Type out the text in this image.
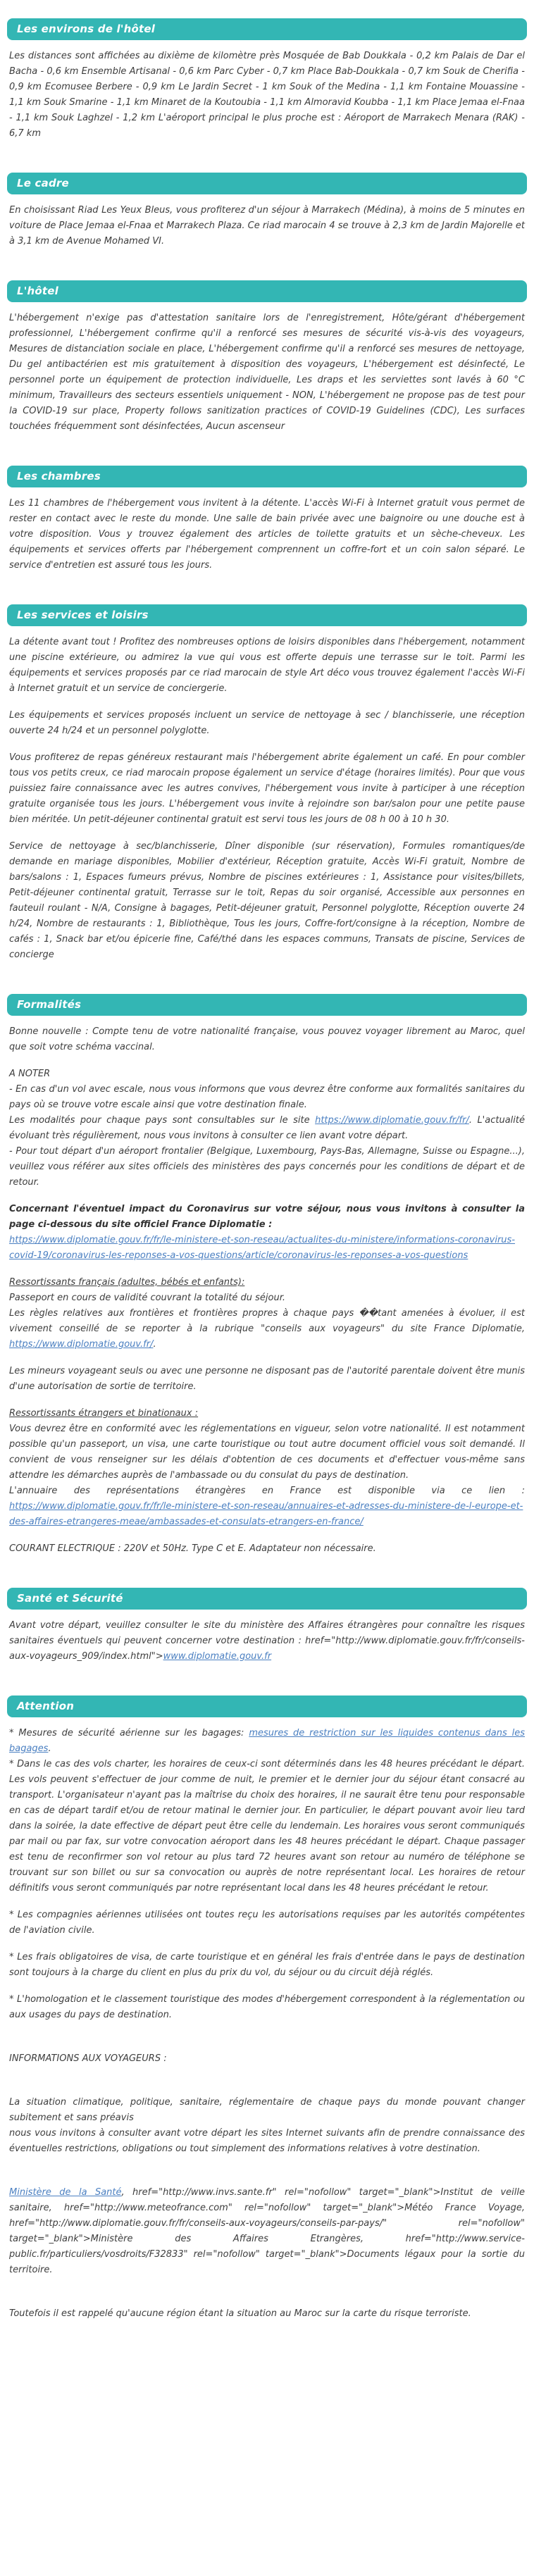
Les environs de l'hôtel

Les distances sont affichées au dixième de kilomètre près Mosquée de Bab Doukkala - 0,2 km Palais de Dar el Bacha - 0,6 km Ensemble Artisanal - 0,6 km Parc Cyber - 0,7 km Place Bab-Doukkala - 0,7 km Souk de Cherifia - 0,9 km Ecomusee Berbere - 0,9 km Le Jardin Secret - 1 km Souk of the Medina - 1,1 km Fontaine Mouassine - 1,1 km Souk Smarine - 1,1 km Minaret de la Koutoubia - 1,1 km Almoravid Koubba - 1,1 km Place Jemaa el-Fnaa - 1,1 km Souk Laghzel - 1,2 km L'aéroport principal le plus proche est : Aéroport de Marrakech Menara (RAK) - 6,7 km

Le cadre

En choisissant Riad Les Yeux Bleus, vous profiterez d'un séjour à Marrakech (Médina), à moins de 5 minutes en voiture de Place Jemaa el-Fnaa et Marrakech Plaza. Ce riad marocain 4 se trouve à 2,3 km de Jardin Majorelle et à 3,1 km de Avenue Mohamed VI.

L'hôtel

L'hébergement n'exige pas d'attestation sanitaire lors de l'enregistrement, Hôte/gérant d'hébergement professionnel, L'hébergement confirme qu'il a renforcé ses mesures de sécurité vis-à-vis des voyageurs, Mesures de distanciation sociale en place, L'hébergement confirme qu'il a renforcé ses mesures de nettoyage, Du gel antibactérien est mis gratuitement à disposition des voyageurs, L'hébergement est désinfecté, Le personnel porte un équipement de protection individuelle, Les draps et les serviettes sont lavés à 60 °C minimum, Travailleurs des secteurs essentiels uniquement - NON, L'hébergement ne propose pas de test pour la COVID-19 sur place, Property follows sanitization practices of COVID-19 Guidelines (CDC), Les surfaces touchées fréquemment sont désinfectées, Aucun ascenseur

Les chambres

Les 11 chambres de l'hébergement vous invitent à la détente. L'accès Wi-Fi à Internet gratuit vous permet de rester en contact avec le reste du monde. Une salle de bain privée avec une baignoire ou une douche est à votre disposition. Vous y trouvez également des articles de toilette gratuits et un sèche-cheveux. Les équipements et services offerts par l'hébergement comprennent un coffre-fort et un coin salon séparé. Le service d'entretien est assuré tous les jours.

Les services et loisirs

La détente avant tout ! Profitez des nombreuses options de loisirs disponibles dans l'hébergement, notamment une piscine extérieure, ou admirez la vue qui vous est offerte depuis une terrasse sur le toit. Parmi les équipements et services proposés par ce riad marocain de style Art déco vous trouvez également l'accès Wi-Fi à Internet gratuit et un service de conciergerie.

Les équipements et services proposés incluent un service de nettoyage à sec / blanchisserie, une réception ouverte 24 h/24 et un personnel polyglotte.

Vous profiterez de repas généreux restaurant mais l'hébergement abrite également un café. En pour combler tous vos petits creux, ce riad marocain propose également un service d'étage (horaires limités). Pour que vous puissiez faire connaissance avec les autres convives, l'hébergement vous invite à participer à une réception gratuite organisée tous les jours. L'hébergement vous invite à rejoindre son bar/salon pour une petite pause bien méritée. Un petit-déjeuner continental gratuit est servi tous les jours de 08 h 00 à 10 h 30.

Service de nettoyage à sec/blanchisserie, Dîner disponible (sur réservation), Formules romantiques/de demande en mariage disponibles, Mobilier d'extérieur, Réception gratuite, Accès Wi-Fi gratuit, Nombre de bars/salons : 1, Espaces fumeurs prévus, Nombre de piscines extérieures : 1, Assistance pour visites/billets, Petit-déjeuner continental gratuit, Terrasse sur le toit, Repas du soir organisé, Accessible aux personnes en fauteuil roulant - N/A, Consigne à bagages, Petit-déjeuner gratuit, Personnel polyglotte, Réception ouverte 24 h/24, Nombre de restaurants : 1, Bibliothèque, Tous les jours, Coffre-fort/consigne à la réception, Nombre de cafés : 1, Snack bar et/ou épicerie fine, Café/thé dans les espaces communs, Transats de piscine, Services de concierge

Formalités

Bonne nouvelle : Compte tenu de votre nationalité française, vous pouvez voyager librement au Maroc, quel que soit votre schéma vaccinal.

A NOTER

- En cas d'un vol avec escale, nous vous informons que vous devrez être conforme aux formalités sanitaires du pays où se trouve votre escale ainsi que votre destination finale.

Les modalités pour chaque pays sont consultables sur le site https://www.diplomatie.gouv.fr/fr/. L'actualité évoluant très régulièrement, nous vous invitons à consulter ce lien avant votre départ.

- Pour tout départ d'un aéroport frontalier (Belgique, Luxembourg, Pays-Bas, Allemagne, Suisse ou Espagne...), veuillez vous référer aux sites officiels des ministères des pays concernés pour les conditions de départ et de retour.

Concernant l'éventuel impact du Coronavirus sur votre séjour, nous vous invitons à consulter la page ci-dessous du site officiel France Diplomatie :

https://www.diplomatie.gouv.fr/fr/le-ministere-et-son-reseau/actualites-du-ministere/informations-coronavirus-covid-19/coronavirus-les-reponses-a-vos-questions/article/coronavirus-les-reponses-a-vos-questions

Ressortissants français (adultes, bébés et enfants):

Passeport en cours de validité couvrant la totalité du séjour.

Les règles relatives aux frontières et frontières propres à chaque pays ��tant amenées à évoluer, il est vivement conseillé de se reporter à la rubrique "conseils aux voyageurs" du site France Diplomatie, https://www.diplomatie.gouv.fr/.

Les mineurs voyageant seuls ou avec une personne ne disposant pas de l'autorité parentale doivent être munis d'une autorisation de sortie de territoire.

Ressortissants étrangers et binationaux :

Vous devrez être en conformité avec les réglementations en vigueur, selon votre nationalité. Il est notamment possible qu'un passeport, un visa, une carte touristique ou tout autre document officiel vous soit demandé. Il convient de vous renseigner sur les délais d'obtention de ces documents et d'effectuer vous-même sans attendre les démarches auprès de l'ambassade ou du consulat du pays de destination.

L'annuaire des représentations étrangères en France est disponible via ce lien : https://www.diplomatie.gouv.fr/fr/le-ministere-et-son-reseau/annuaires-et-adresses-du-ministere-de-l-europe-et-des-affaires-etrangeres-meae/ambassades-et-consulats-etrangers-en-france/

COURANT ELECTRIQUE : 220V et 50Hz. Type C et E. Adaptateur non nécessaire.

Santé et Sécurité

Avant votre départ, veuillez consulter le site du ministère des Affaires étrangères pour connaître les risques sanitaires éventuels qui peuvent concerner votre destination : href="http://www.diplomatie.gouv.fr/fr/conseils-aux-voyageurs_909/index.html">www.diplomatie.gouv.fr

Attention

* Mesures de sécurité aérienne sur les bagages: mesures de restriction sur les liquides contenus dans les bagages.

* Dans le cas des vols charter, les horaires de ceux-ci sont déterminés dans les 48 heures précédant le départ. Les vols peuvent s'effectuer de jour comme de nuit, le premier et le dernier jour du séjour étant consacré au transport. L'organisateur n'ayant pas la maîtrise du choix des horaires, il ne saurait être tenu pour responsable en cas de départ tardif et/ou de retour matinal le dernier jour. En particulier, le départ pouvant avoir lieu tard dans la soirée, la date effective de départ peut être celle du lendemain. Les horaires vous seront communiqués par mail ou par fax, sur votre convocation aéroport dans les 48 heures précédant le départ. Chaque passager est tenu de reconfirmer son vol retour au plus tard 72 heures avant son retour au numéro de téléphone se trouvant sur son billet ou sur sa convocation ou auprès de notre représentant local. Les horaires de retour définitifs vous seront communiqués par notre représentant local dans les 48 heures précédant le retour.

* Les compagnies aériennes utilisées ont toutes reçu les autorisations requises par les autorités compétentes de l'aviation civile.

* Les frais obligatoires de visa, de carte touristique et en général les frais d'entrée dans le pays de destination sont toujours à la charge du client en plus du prix du vol, du séjour ou du circuit déjà réglés.

* L'homologation et le classement touristique des modes d'hébergement correspondent à la réglementation ou aux usages du pays de destination.

INFORMATIONS AUX VOYAGEURS :

La situation climatique, politique, sanitaire, réglementaire de chaque pays du monde pouvant changer subitement et sans préavis

nous vous invitons à consulter avant votre départ les sites Internet suivants afin de prendre connaissance des éventuelles restrictions, obligations ou tout simplement des informations relatives à votre destination.

Ministère de la Santé, href="http://www.invs.sante.fr" rel="nofollow" target="_blank">Institut de veille sanitaire, href="http://www.meteofrance.com" rel="nofollow" target="_blank">Météo France Voyage, href="http://www.diplomatie.gouv.fr/fr/conseils-aux-voyageurs/conseils-par-pays/" rel="nofollow" target="_blank">Ministère des Affaires Etrangères, href="http://www.service-public.fr/particuliers/vosdroits/F32833" rel="nofollow" target="_blank">Documents légaux pour la sortie du territoire.

Toutefois il est rappelé qu'aucune région étant la situation au Maroc sur la carte du risque terroriste.
